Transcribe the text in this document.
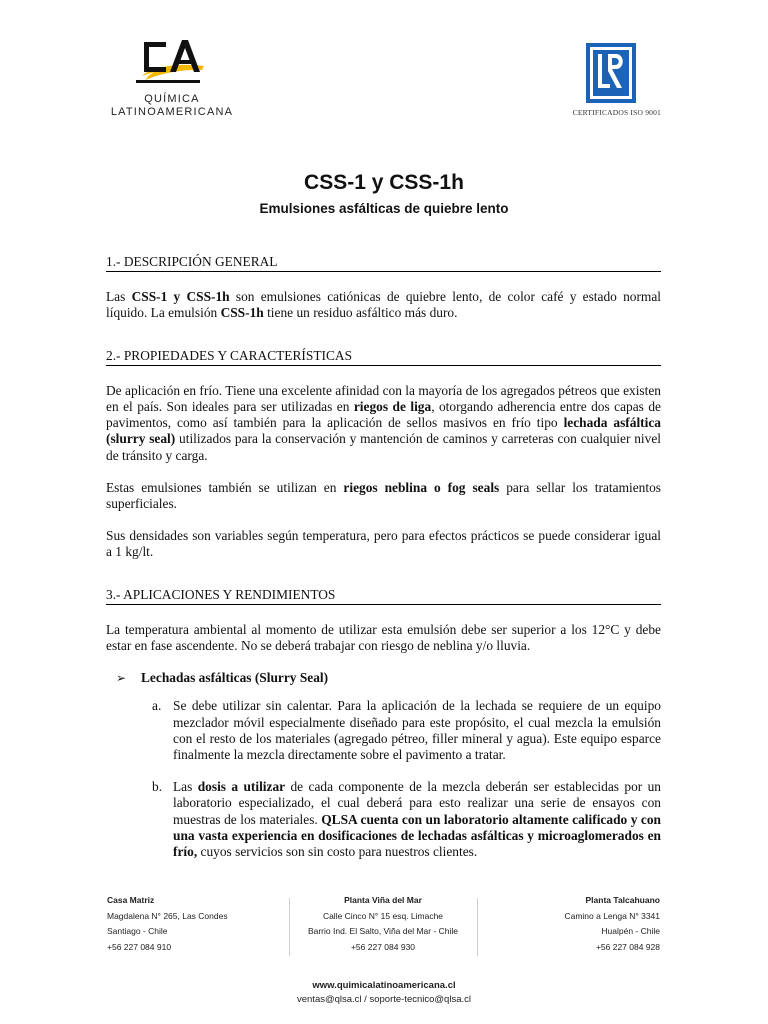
QUÍMICA
LATINOAMERICANA	CERTIFICADOS ISO 9001
CSS-1 y CSS-1h
Emulsiones asfálticas de quiebre lento
1.- DESCRIPCIÓN GENERAL

Las CSS-1 y CSS-1h son emulsiones catiónicas de quiebre lento, de color café y estado normal líquido. La emulsión CSS-1h tiene un residuo asfáltico más duro.

2.- PROPIEDADES Y CARACTERÍSTICAS

De aplicación en frío. Tiene una excelente afinidad con la mayoría de los agregados pétreos que existen en el país. Son ideales para ser utilizadas en riegos de liga, otorgando adherencia entre dos capas de pavimentos, como así también para la aplicación de sellos masivos en frío tipo lechada asfáltica (slurry seal) utilizados para la conservación y mantención de caminos y carreteras con cualquier nivel de tránsito y carga.

Estas emulsiones también se utilizan en riegos neblina o fog seals para sellar los tratamientos superficiales.

Sus densidades son variables según temperatura, pero para efectos prácticos se puede considerar igual a 1 kg/lt.

3.- APLICACIONES Y RENDIMIENTOS

La temperatura ambiental al momento de utilizar esta emulsión debe ser superior a los 12°C y debe estar en fase ascendente. No se deberá trabajar con riesgo de neblina y/o lluvia.

➢ Lechadas asfálticas (Slurry Seal)
a. Se debe utilizar sin calentar. Para la aplicación de la lechada se requiere de un equipo mezclador móvil especialmente diseñado para este propósito, el cual mezcla la emulsión con el resto de los materiales (agregado pétreo, filler mineral y agua). Este equipo esparce finalmente la mezcla directamente sobre el pavimento a tratar.
b. Las dosis a utilizar de cada componente de la mezcla deberán ser establecidas por un laboratorio especializado, el cual deberá para esto realizar una serie de ensayos con muestras de los materiales. QLSA cuenta con un laboratorio altamente calificado y con una vasta experiencia en dosificaciones de lechadas asfálticas y microaglomerados en frío, cuyos servicios son sin costo para nuestros clientes.
Casa Matriz
Magdalena N° 265, Las Condes
Santiago - Chile
+56 227 084 910
Planta Viña del Mar
Calle Cinco N° 15 esq. Limache
Barrio Ind. El Salto, Viña del Mar - Chile
+56 227 084 930
Planta Talcahuano
Camino a Lenga N° 3341
Hualpén - Chile
+56 227 084 928
www.quimicalatinoamericana.cl
ventas@qlsa.cl / soporte-tecnico@qlsa.cl
